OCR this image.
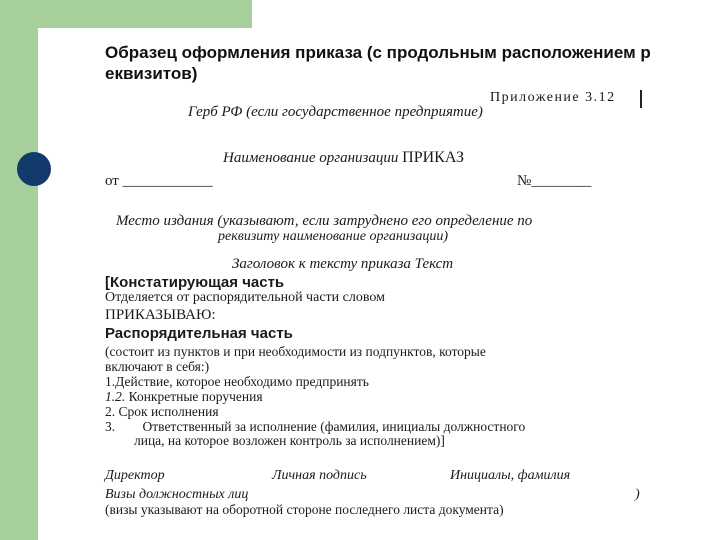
Образец оформления приказа (с продольным расположением р
еквизитов)
Приложение 3.12
Герб РФ (если государственное предприятие)
Наименование организации ПРИКАЗ
от ____________	№________
Место издания (указывают, если затруднено его определение по
реквизиту наименование организации)
Заголовок к тексту приказа Текст
[Констатирующая часть
Отделяется от распорядительной части словом
ПРИКАЗЫВАЮ:
Распорядительная часть
(состоит из пунктов и при необходимости из подпунктов, которые
включают в себя:)
1.Действие, которое необходимо предпринять
1.2. Конкретные поручения
2. Срок исполнения
3. Ответственный за исполнение (фамилия, инициалы должностного
лица, на которое возложен контроль за исполнением)]
Директор	Личная подпись	Инициалы, фамилия
Визы должностных лиц	)
(визы указывают на оборотной стороне последнего листа документа)
